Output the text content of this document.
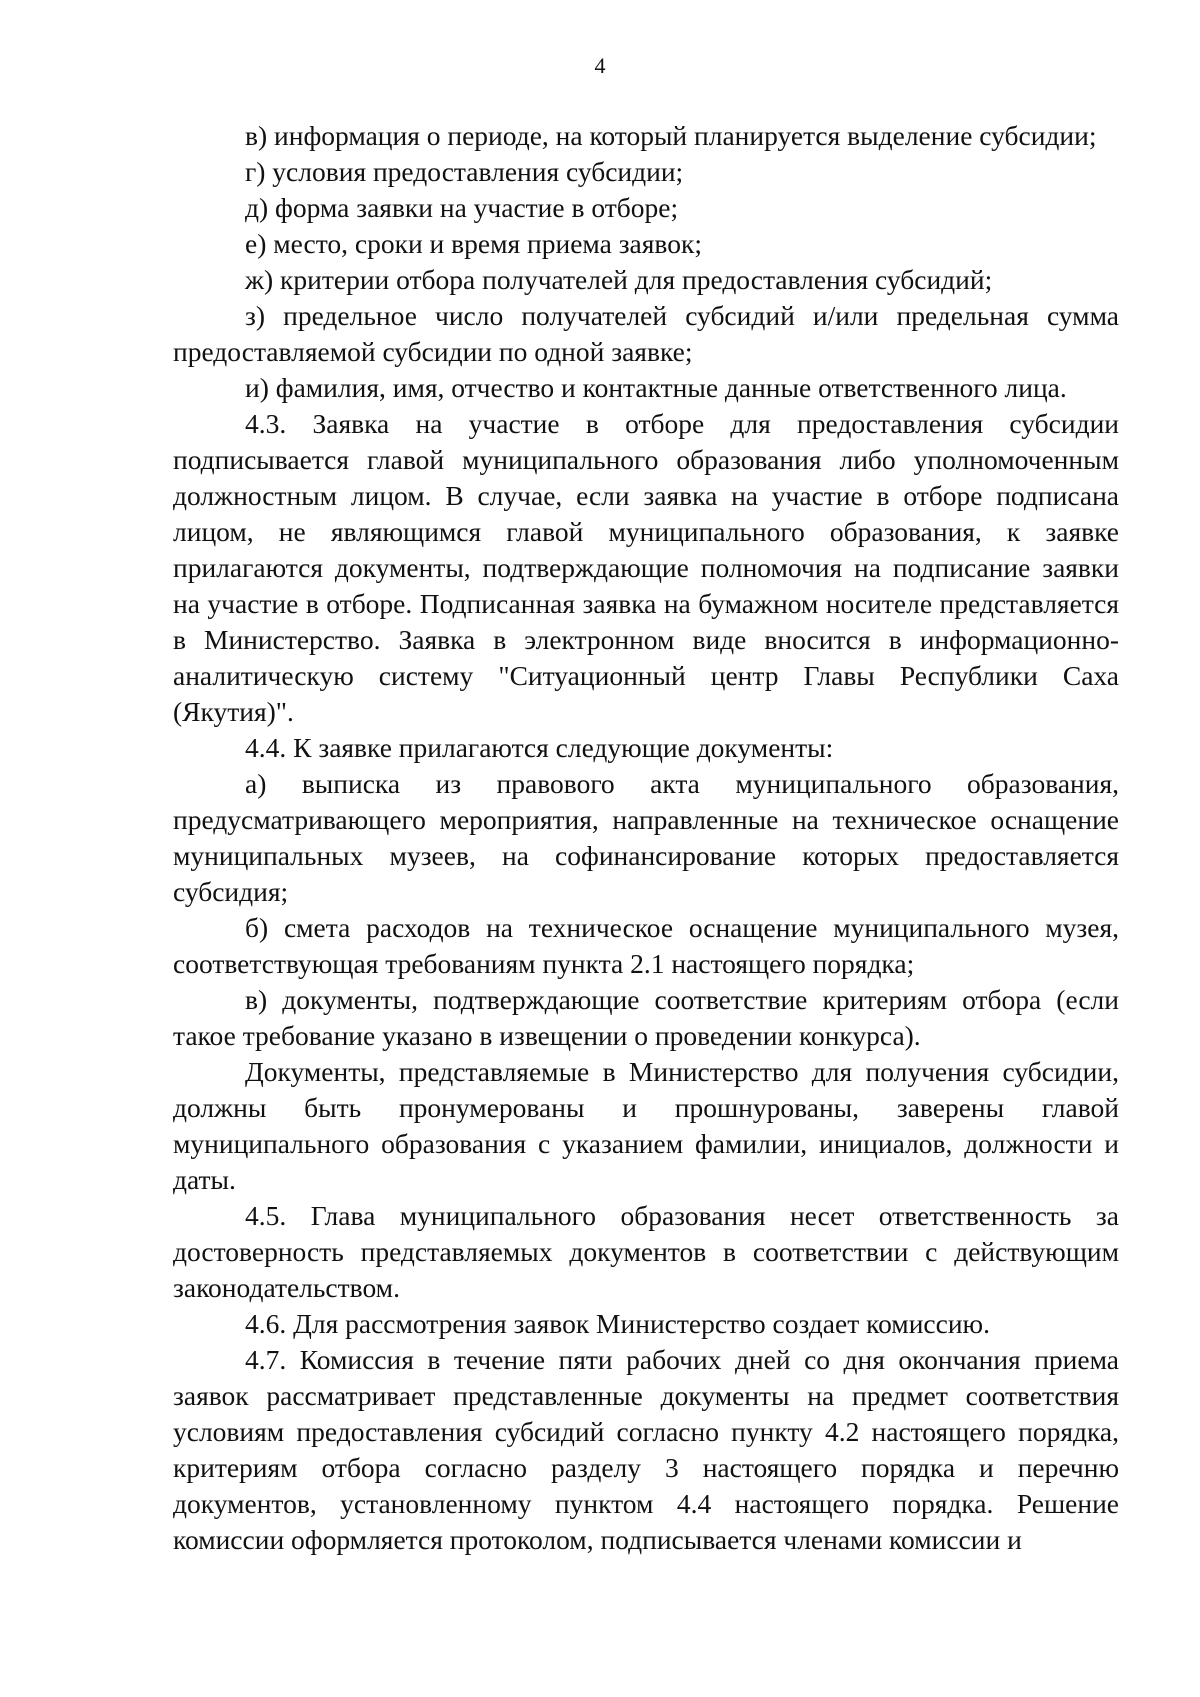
4

в) информация о периоде, на который планируется выделение субсидии;

г) условия предоставления субсидии;

д) форма заявки на участие в отборе;

е) место, сроки и время приема заявок;

ж) критерии отбора получателей для предоставления субсидий;

з) предельное число получателей субсидий и/или предельная сумма предоставляемой субсидии по одной заявке;

и) фамилия, имя, отчество и контактные данные ответственного лица.

4.3. Заявка на участие в отборе для предоставления субсидии подписывается главой муниципального образования либо уполномоченным должностным лицом. В случае, если заявка на участие в отборе подписана лицом, не являющимся главой муниципального образования, к заявке прилагаются документы, подтверждающие полномочия на подписание заявки на участие в отборе. Подписанная заявка на бумажном носителе представляется в Министерство. Заявка в электронном виде вносится в информационно-аналитическую систему "Ситуационный центр Главы Республики Саха (Якутия)".

4.4. К заявке прилагаются следующие документы:

а) выписка из правового акта муниципального образования, предусматривающего мероприятия, направленные на техническое оснащение муниципальных музеев, на софинансирование которых предоставляется субсидия;

б) смета расходов на техническое оснащение муниципального музея, соответствующая требованиям пункта 2.1 настоящего порядка;

в) документы, подтверждающие соответствие критериям отбора (если такое требование указано в извещении о проведении конкурса).

Документы, представляемые в Министерство для получения субсидии, должны быть пронумерованы и прошнурованы, заверены главой муниципального образования с указанием фамилии, инициалов, должности и даты.

4.5. Глава муниципального образования несет ответственность за достоверность представляемых документов в соответствии с действующим законодательством.

4.6. Для рассмотрения заявок Министерство создает комиссию.

4.7. Комиссия в течение пяти рабочих дней со дня окончания приема заявок рассматривает представленные документы на предмет соответствия условиям предоставления субсидий согласно пункту 4.2 настоящего порядка, критериям отбора согласно разделу 3 настоящего порядка и перечню документов, установленному пунктом 4.4 настоящего порядка. Решение комиссии оформляется протоколом, подписывается членами комиссии и
